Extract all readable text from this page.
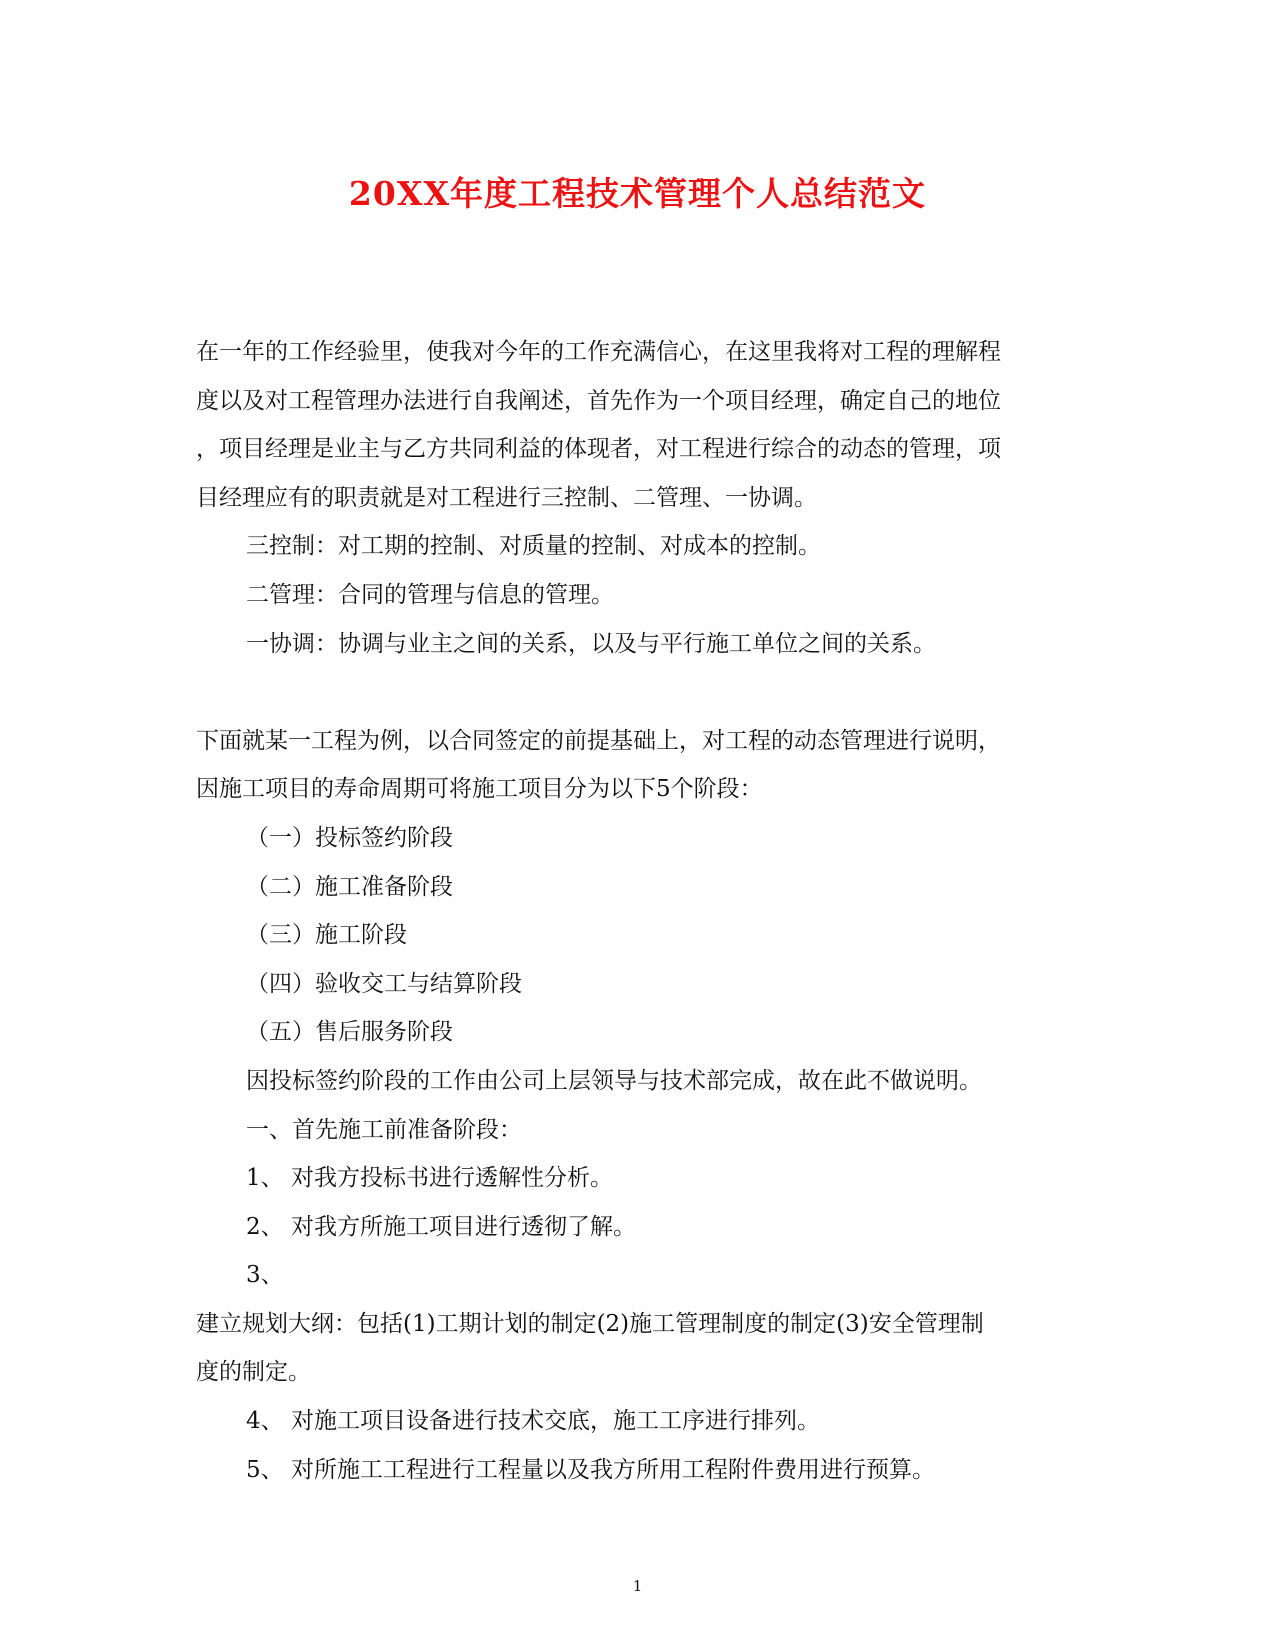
20XX年度工程技术管理个人总结范文

在一年的工作经验里，使我对今年的工作充满信心，在这里我将对工程的理解程

度以及对工程管理办法进行自我阐述，首先作为一个项目经理，确定自己的地位

，项目经理是业主与乙方共同利益的体现者，对工程进行综合的动态的管理，项

目经理应有的职责就是对工程进行三控制、二管理、一协调。

三控制：对工期的控制、对质量的控制、对成本的控制。

二管理：合同的管理与信息的管理。

一协调：协调与业主之间的关系，以及与平行施工单位之间的关系。

下面就某一工程为例，以合同签定的前提基础上，对工程的动态管理进行说明，

因施工项目的寿命周期可将施工项目分为以下5个阶段：

（一）投标签约阶段

（二）施工准备阶段

（三）施工阶段

（四）验收交工与结算阶段

（五）售后服务阶段

因投标签约阶段的工作由公司上层领导与技术部完成，故在此不做说明。

一、首先施工前准备阶段：

1、 对我方投标书进行透解性分析。

2、 对我方所施工项目进行透彻了解。

3、

建立规划大纲：包括(1)工期计划的制定(2)施工管理制度的制定(3)安全管理制

度的制定。

4、 对施工项目设备进行技术交底，施工工序进行排列。

5、 对所施工工程进行工程量以及我方所用工程附件费用进行预算。

1
